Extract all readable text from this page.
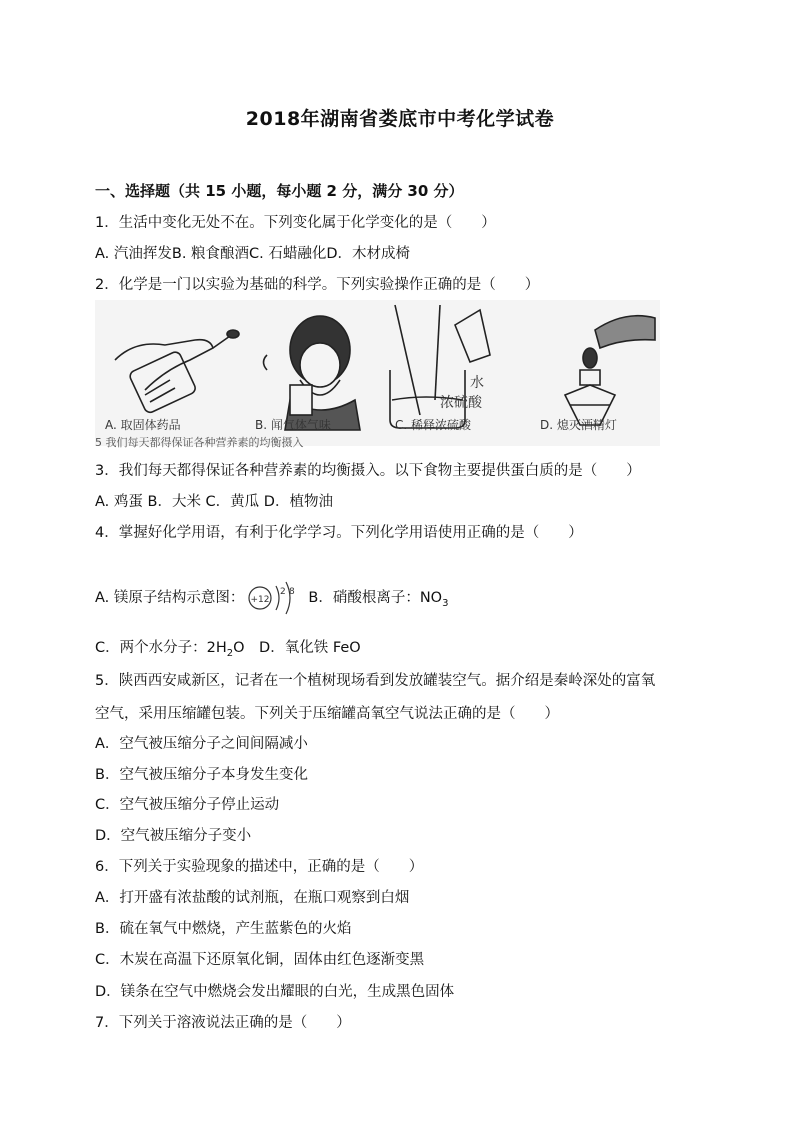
2018年湖南省娄底市中考化学试卷
一、选择题（共 15 小题，每小题 2 分，满分 30 分）
1．生活中变化无处不在。下列变化属于化学变化的是（　　）
A. 汽油挥发B. 粮食酿酒C. 石蜡融化D．木材成椅
2．化学是一门以实验为基础的科学。下列实验操作正确的是（　　）
水
浓硫酸
A. 取固体药品	B. 闻气体气味	C. 稀释浓硫酸	D. 熄灭酒精灯
5 我们每天都得保证各种营养素的均衡摄入
3．我们每天都得保证各种营养素的均衡摄入。以下食物主要提供蛋白质的是（　　）
A. 鸡蛋 B．大米 C．黄瓜 D．植物油
4．掌握好化学用语，有利于化学学习。下列化学用语使用正确的是（　　）
A. 镁原子结构示意图： +12
2 8 B．硝酸根离子：$NO_3$
C．两个水分子：$2H_2O$　D．氧化铁 FeO
5．陕西西安咸新区，记者在一个植树现场看到发放罐装空气。据介绍是秦岭深处的富氧
空气，采用压缩罐包装。下列关于压缩罐高氧空气说法正确的是（　　）
A．空气被压缩分子之间间隔减小
B．空气被压缩分子本身发生变化
C．空气被压缩分子停止运动
D．空气被压缩分子变小
6．下列关于实验现象的描述中，正确的是（　　）
A．打开盛有浓盐酸的试剂瓶，在瓶口观察到白烟
B．硫在氧气中燃烧，产生蓝紫色的火焰
C．木炭在高温下还原氧化铜，固体由红色逐渐变黑
D．镁条在空气中燃烧会发出耀眼的白光，生成黑色固体
7．下列关于溶液说法正确的是（　　）
